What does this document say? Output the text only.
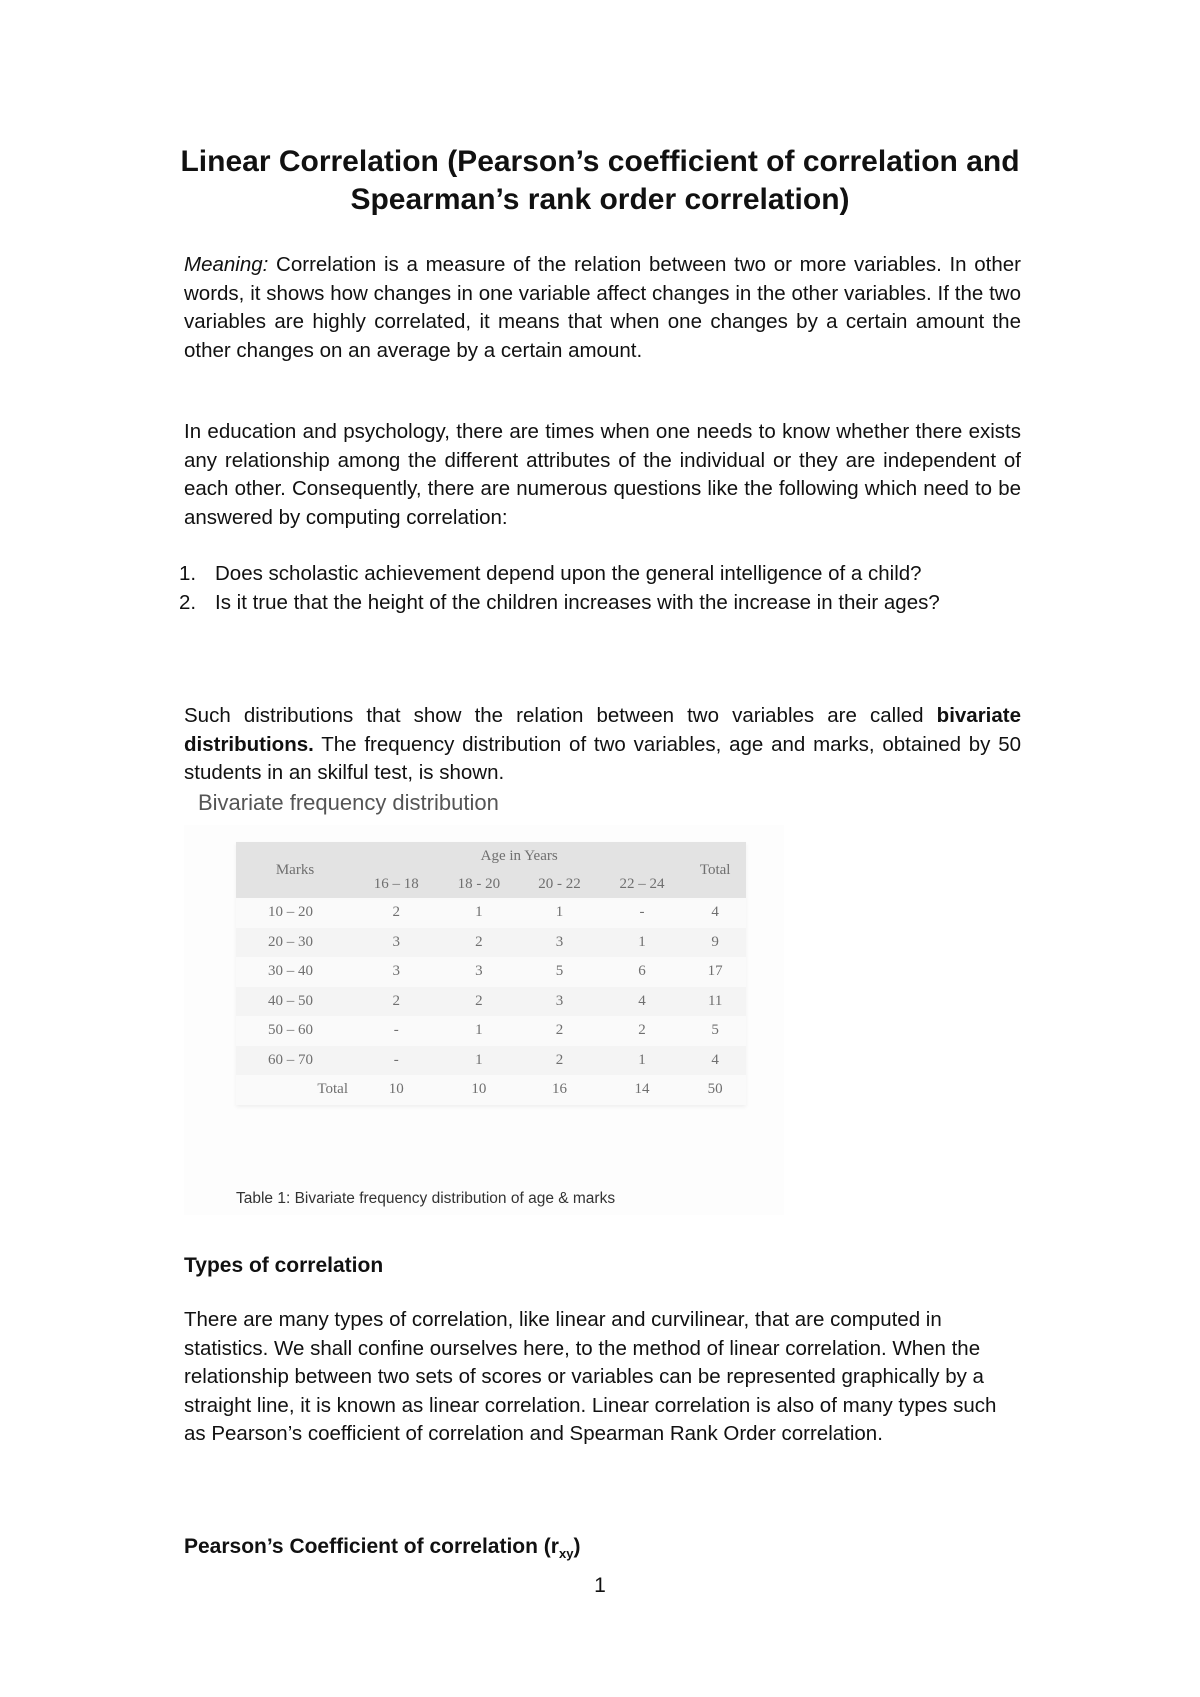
Linear Correlation (Pearson’s coefficient of correlation and Spearman’s rank order correlation)

Meaning: Correlation is a measure of the relation between two or more variables. In other words, it shows how changes in one variable affect changes in the other variables. If the two variables are highly correlated, it means that when one changes by a certain amount the other changes on an average by a certain amount.

In education and psychology, there are times when one needs to know whether there exists any relationship among the different attributes of the individual or they are independent of each other. Consequently, there are numerous questions like the following which need to be answered by computing correlation:

1. Does scholastic achievement depend upon the general intelligence of a child?
2. Is it true that the height of the children increases with the increase in their ages?

Such distributions that show the relation between two variables are called bivariate distributions. The frequency distribution of two variables, age and marks, obtained by 50 students in an skilful test, is shown.

Bivariate frequency distribution
Marks	Age in Years				Total
	16 – 18	18 - 20	20 - 22	22 – 24	
10 – 20	2	1	1	-	4
20 – 30	3	2	3	1	9
30 – 40	3	3	5	6	17
40 – 50	2	2	3	4	11
50 – 60	-	1	2	2	5
60 – 70	-	1	2	1	4
Total	10	10	16	14	50
Table 1: Bivariate frequency distribution of age & marks
Types of correlation

There are many types of correlation, like linear and curvilinear, that are computed in statistics. We shall confine ourselves here, to the method of linear correlation. When the relationship between two sets of scores or variables can be represented graphically by a straight line, it is known as linear correlation. Linear correlation is also of many types such as Pearson’s coefficient of correlation and Spearman Rank Order correlation.

Pearson’s Coefficient of correlation $(r_{xy})$
1
